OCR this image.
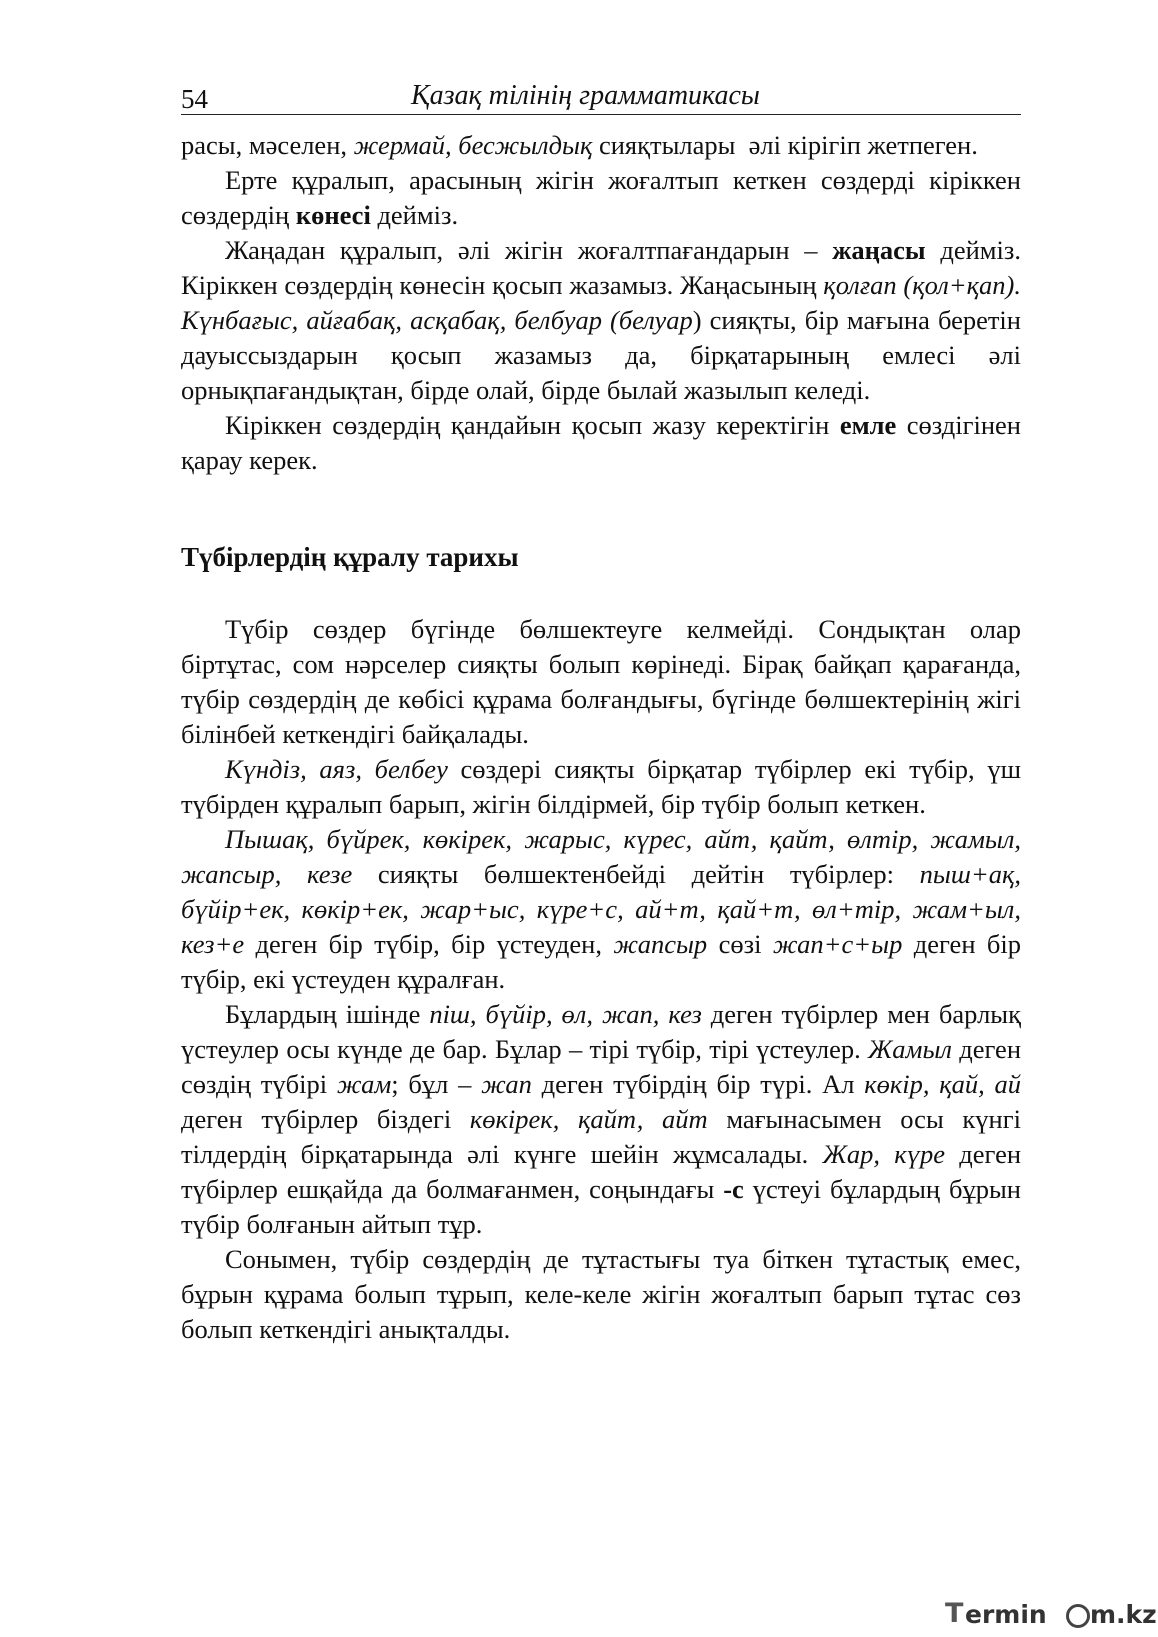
54	Қазақ тілінің грамматикасы

расы, мәселен, жермай, бесжылдық сияқтылары  әлі кірігіп жетпеген.

Ерте құралып, арасының жігін жоғалтып кеткен сөздерді кіріккен сөздердің көнесі дейміз.

Жаңадан құралып, әлі жігін жоғалтпағандарын – жаңасы дейміз. Кіріккен сөздердің көнесін қосып жазамыз. Жаңасының қолғап (қол+қап). Күнбағыс, айғабақ, асқабақ, белбуар (белуар) сияқты, бір мағына беретін дауыссыздарын қосып жазамыз да, бірқатарының емлесі әлі орнықпағандықтан, бірде олай, бірде былай жазылып келеді.

Кіріккен сөздердің қандайын қосып жазу керектігін емле сөздігінен қарау керек.

Түбірлердің құралу тарихы

Түбір сөздер бүгінде бөлшектеуге келмейді. Сондықтан олар біртұтас, сом нәрселер сияқты болып көрінеді. Бірақ байқап қарағанда, түбір сөздердің де көбісі құрама болғандығы, бүгінде бөлшектерінің жігі білінбей кеткендігі байқалады.

Күндіз, аяз, белбеу сөздері сияқты бірқатар түбірлер екі түбір, үш түбірден құралып барып, жігін білдірмей, бір түбір болып кеткен.

Пышақ, бүйрек, көкірек, жарыс, күрес, айт, қайт, өлтір, жамыл, жапсыр, кезе сияқты бөлшектенбейді дейтін түбірлер: пыш+ақ, бүйір+ек, көкір+ек, жар+ыс, күре+с, ай+т, қай+т, өл+тір, жам+ыл, кез+е деген бір түбір, бір үстеуден, жапсыр сөзі жап+с+ыр деген бір түбір, екі үстеуден құралған.

Бұлардың ішінде піш, бүйір, өл, жап, кез деген түбірлер мен барлық үстеулер осы күнде де бар. Бұлар – тірі түбір, тірі үстеулер. Жамыл деген сөздің түбірі жам; бұл – жап деген түбірдің бір түрі. Ал көкір, қай, ай деген түбірлер біздегі көкірек, қайт, айт мағынасымен осы күнгі тілдердің бірқатарында әлі күнге шейін жұмсалады. Жар, күре деген түбірлер ешқайда да болмағанмен, соңындағы -с үстеуі бұлардың бұрын түбір болғанын айтып тұр.

Сонымен, түбір сөздердің де тұтастығы туа біткен тұтастық емес, бұрын құрама болып тұрып, келе-келе жігін жоғалтып барып тұтас сөз болып кеткендігі анықталды.

T ermin m.kz
